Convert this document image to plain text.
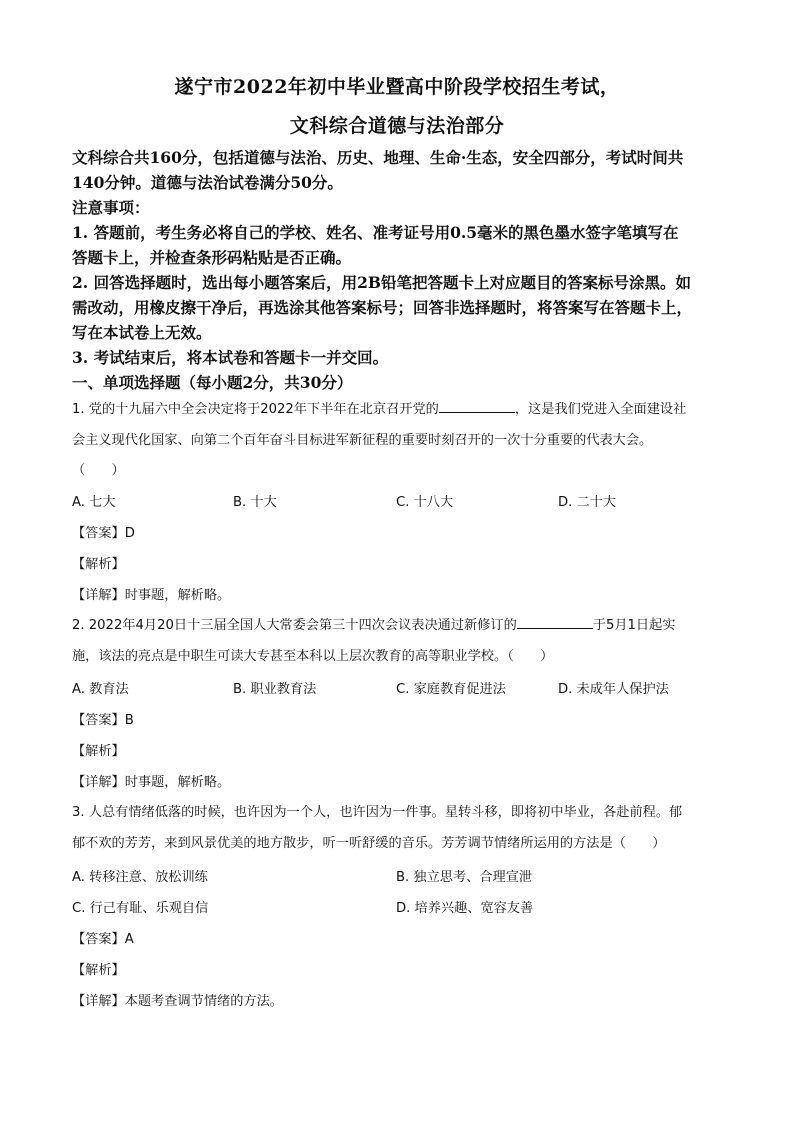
遂宁市2022年初中毕业暨高中阶段学校招生考试，
文科综合道德与法治部分
文科综合共160分，包括道德与法治、历史、地理、生命·生态，安全四部分，考试时间共
140分钟。道德与法治试卷满分50分。
注意事项：
1. 答题前，考生务必将自己的学校、姓名、准考证号用0.5毫米的黑色墨水签字笔填写在
答题卡上，并检查条形码粘贴是否正确。
2. 回答选择题时，选出每小题答案后，用2B铅笔把答题卡上对应题目的答案标号涂黑。如
需改动，用橡皮擦干净后，再选涂其他答案标号；回答非选择题时，将答案写在答题卡上，
写在本试卷上无效。
3. 考试结束后，将本试卷和答题卡一并交回。
一、单项选择题（每小题2分，共30分）
1. 党的十九届六中全会决定将于2022年下半年在北京召开党的	，这是我们党进入全面建设社
会主义现代化国家、向第二个百年奋斗目标进军新征程的重要时刻召开的一次十分重要的代表大会。
（　　）
A. 七大	B. 十大	C. 十八大	D. 二十大
【答案】D
【解析】
【详解】时事题，解析略。
2. 2022年4月20日十三届全国人大常委会第三十四次会议表决通过新修订的	于5月1日起实
施，该法的亮点是中职生可读大专甚至本科以上层次教育的高等职业学校。（　　）
A. 教育法	B. 职业教育法	C. 家庭教育促进法	D. 未成年人保护法
【答案】B
【解析】
【详解】时事题，解析略。
3. 人总有情绪低落的时候，也许因为一个人，也许因为一件事。星转斗移，即将初中毕业，各赴前程。郁
郁不欢的芳芳，来到风景优美的地方散步，听一听舒缓的音乐。芳芳调节情绪所运用的方法是（　　）
A. 转移注意、放松训练	B. 独立思考、合理宣泄
C. 行己有耻、乐观自信	D. 培养兴趣、宽容友善
【答案】A
【解析】
【详解】本题考查调节情绪的方法。
